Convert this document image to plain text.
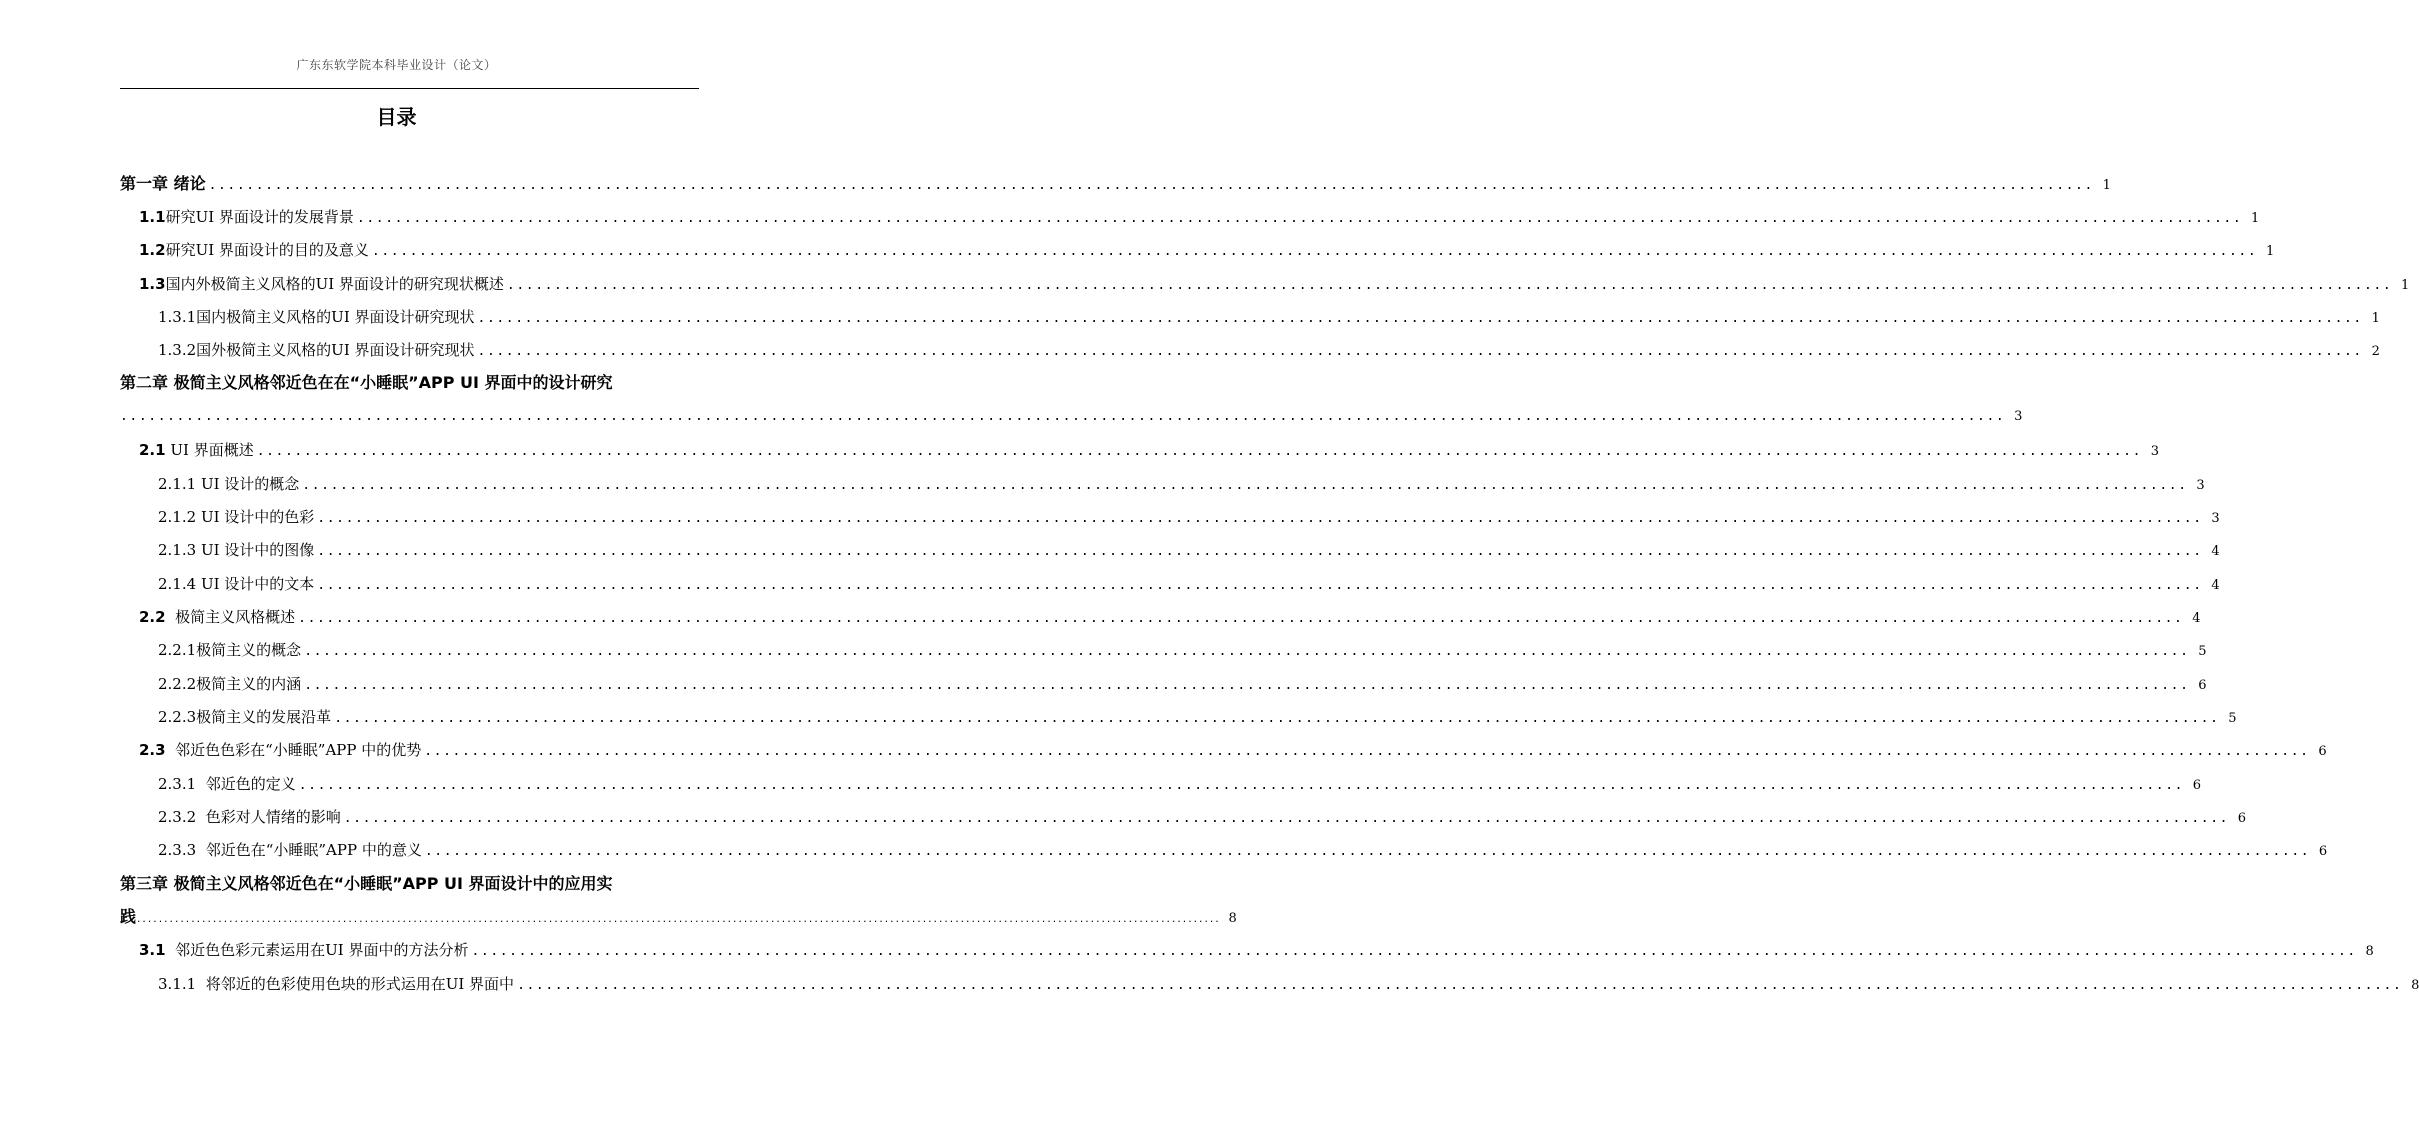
广东东软学院本科毕业设计（论文）
目录
第一章 绪论 ........................................................................................................................................................................................................ 1
1.1研究UI 界面设计的发展背景 ........................................................................................................................................................................................................ 1
1.2研究UI 界面设计的目的及意义 ........................................................................................................................................................................................................ 1
1.3国内外极简主义风格的UI 界面设计的研究现状概述 ........................................................................................................................................................................................................ 1
1.3.1国内极简主义风格的UI 界面设计研究现状 ........................................................................................................................................................................................................ 1
1.3.2国外极简主义风格的UI 界面设计研究现状 ........................................................................................................................................................................................................ 2
第二章 极简主义风格邻近色在在“小睡眠”APP UI 界面中的设计研究
........................................................................................................................................................................................................ 3
2.1 UI 界面概述 ........................................................................................................................................................................................................ 3
2.1.1 UI 设计的概念 ........................................................................................................................................................................................................ 3
2.1.2 UI 设计中的色彩 ........................................................................................................................................................................................................ 3
2.1.3 UI 设计中的图像 ........................................................................................................................................................................................................ 4
2.1.4 UI 设计中的文本 ........................................................................................................................................................................................................ 4
2.2 极简主义风格概述 ........................................................................................................................................................................................................ 4
2.2.1极简主义的概念 ........................................................................................................................................................................................................ 5
2.2.2极简主义的内涵 ........................................................................................................................................................................................................ 6
2.2.3极简主义的发展沿革 ........................................................................................................................................................................................................ 5
2.3 邻近色色彩在“小睡眠”APP 中的优势 ........................................................................................................................................................................................................ 6
2.3.1 邻近色的定义 ........................................................................................................................................................................................................ 6
2.3.2 色彩对人情绪的影响 ........................................................................................................................................................................................................ 6
2.3.3 邻近色在“小睡眠”APP 中的意义 ........................................................................................................................................................................................................ 6
第三章 极简主义风格邻近色在“小睡眠”APP UI 界面设计中的应用实
践 ........................................................................................................................................................................................................ 8
3.1 邻近色色彩元素运用在UI 界面中的方法分析 ........................................................................................................................................................................................................ 8
3.1.1 将邻近的色彩使用色块的形式运用在UI 界面中 ........................................................................................................................................................................................................ 8
